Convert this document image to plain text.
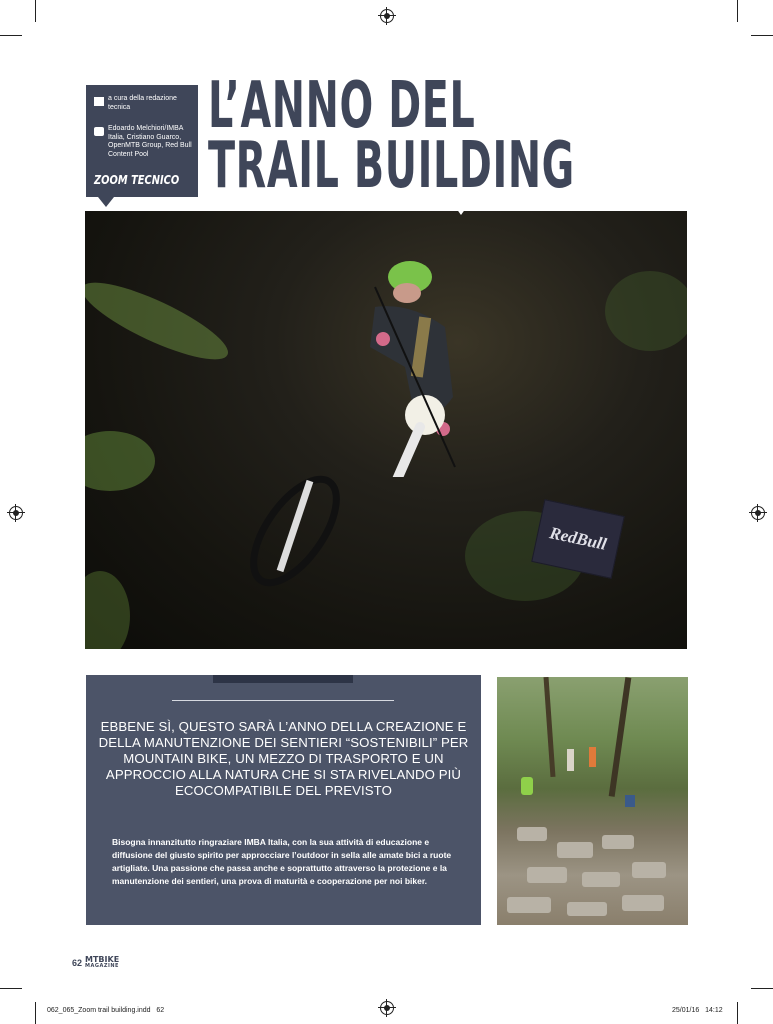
a cura della redazione tecnica
Edoardo Melchiori/IMBA Italia, Cristiano Guarco, OpenMTB Group, Red Bull Content Pool
ZOOM TECNICO
L’ANNO DEL
TRAIL BUILDING
RedBull
EBBENE SÌ, QUESTO SARÀ L’ANNO DELLA CREAZIONE E DELLA MANUTENZIONE DEI SENTIERI “SOSTENIBILI” PER MOUNTAIN BIKE, UN MEZZO DI TRASPORTO E UN APPROCCIO ALLA NATURA CHE SI STA RIVELANDO PIÙ ECOCOMPATIBILE DEL PREVISTO
Bisogna innanzitutto ringraziare IMBA Italia, con la sua attività di educazione e diffusione del giusto spirito per approcciare l’outdoor in sella alle amate bici a ruote artigliate. Una passione che passa anche e soprattutto attraverso la protezione e la manutenzione dei sentieri, una prova di maturità e cooperazione per noi biker.
62 MTBIKE
MAGAZINE
062_065_Zoom trail building.indd   62	25/01/16   14:12
